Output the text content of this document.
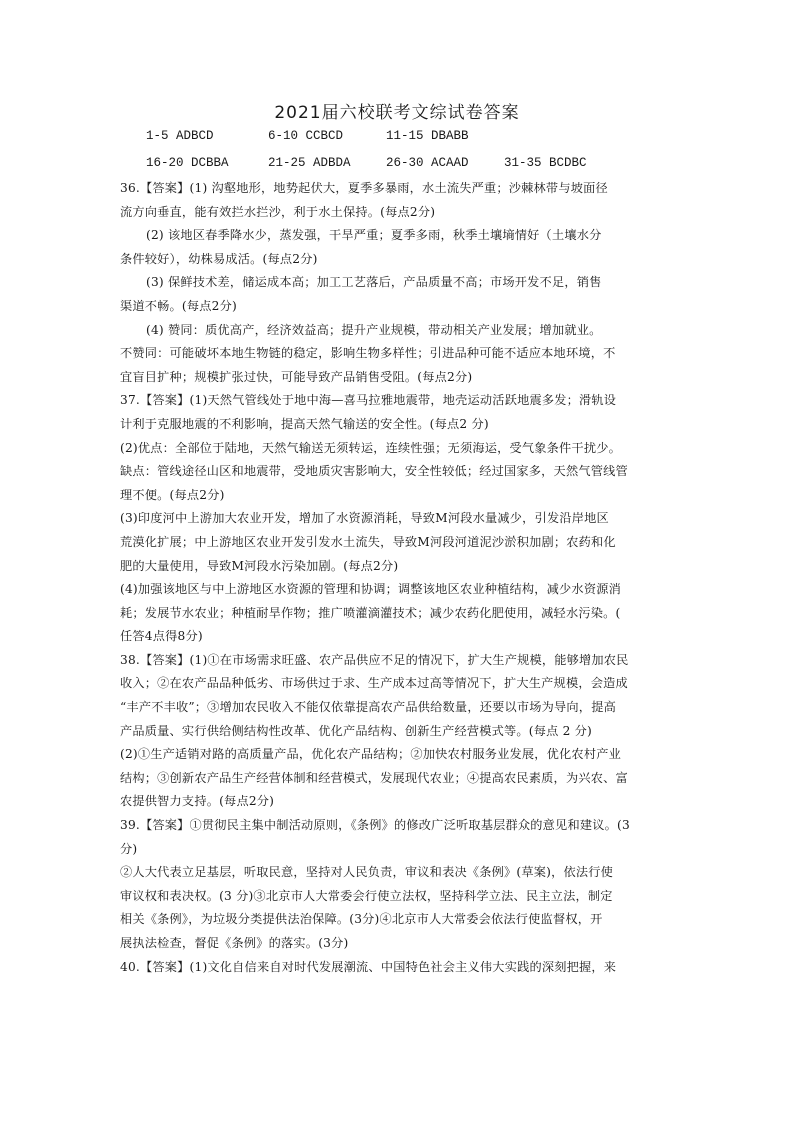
2021届六校联考文综试卷答案
1-5 ADBCD	6-10 CCBCD	11-15 DBABB
16-20 DCBBA	21-25 ADBDA	26-30 ACAAD	31-35 BCDBC
36.【答案】(1) 沟壑地形，地势起伏大，夏季多暴雨，水土流失严重；沙棘林带与坡面径
流方向垂直，能有效拦水拦沙，利于水土保持。(每点2分)
(2) 该地区春季降水少，蒸发强，干旱严重；夏季多雨，秋季土壤墒情好（土壤水分
条件较好），幼株易成活。(每点2分)
(3) 保鲜技术差，储运成本高；加工工艺落后，产品质量不高；市场开发不足，销售
渠道不畅。(每点2分)
(4) 赞同：质优高产，经济效益高；提升产业规模，带动相关产业发展；增加就业。
不赞同：可能破坏本地生物链的稳定，影响生物多样性；引进品种可能不适应本地环境，不
宜盲目扩种；规模扩张过快，可能导致产品销售受阻。(每点2分)
37.【答案】(1)天然气管线处于地中海—喜马拉雅地震带，地壳运动活跃地震多发；滑轨设
计利于克服地震的不利影响，提高天然气输送的安全性。(每点2 分)
(2)优点：全部位于陆地，天然气输送无须转运，连续性强；无须海运，受气象条件干扰少。
缺点：管线途径山区和地震带，受地质灾害影响大，安全性较低；经过国家多，天然气管线管
理不便。(每点2分)
(3)印度河中上游加大农业开发，增加了水资源消耗，导致M河段水量减少，引发沿岸地区
荒漠化扩展；中上游地区农业开发引发水土流失，导致M河段河道泥沙淤积加剧；农药和化
肥的大量使用，导致M河段水污染加剧。(每点2分)
(4)加强该地区与中上游地区水资源的管理和协调；调整该地区农业种植结构，减少水资源消
耗；发展节水农业；种植耐旱作物；推广喷灌滴灌技术；减少农药化肥使用，减轻水污染。(
任答4点得8分)
38.【答案】(1)①在市场需求旺盛、农产品供应不足的情况下，扩大生产规模，能够增加农民
收入；②在农产品品种低劣、市场供过于求、生产成本过高等情况下，扩大生产规模，会造成
“丰产不丰收”；③增加农民收入不能仅依靠提高农产品供给数量，还要以市场为导向，提高
产品质量、实行供给侧结构性改革、优化产品结构、创新生产经营模式等。(每点 2 分)
(2)①生产适销对路的高质量产品，优化农产品结构；②加快农村服务业发展，优化农村产业
结构；③创新农产品生产经营体制和经营模式，发展现代农业；④提高农民素质，为兴农、富
农提供智力支持。(每点2分)
39.【答案】①贯彻民主集中制活动原则，《条例》的修改广泛听取基层群众的意见和建议。(3
分)
②人大代表立足基层，听取民意，坚持对人民负责，审议和表决《条例》(草案)，依法行使
审议权和表决权。(3 分)③北京市人大常委会行使立法权，坚持科学立法、民主立法，制定
相关《条例》，为垃圾分类提供法治保障。(3分)④北京市人大常委会依法行使监督权，开
展执法检查，督促《条例》的落实。(3分)
40.【答案】(1)文化自信来自对时代发展潮流、中国特色社会主义伟大实践的深刻把握，来
